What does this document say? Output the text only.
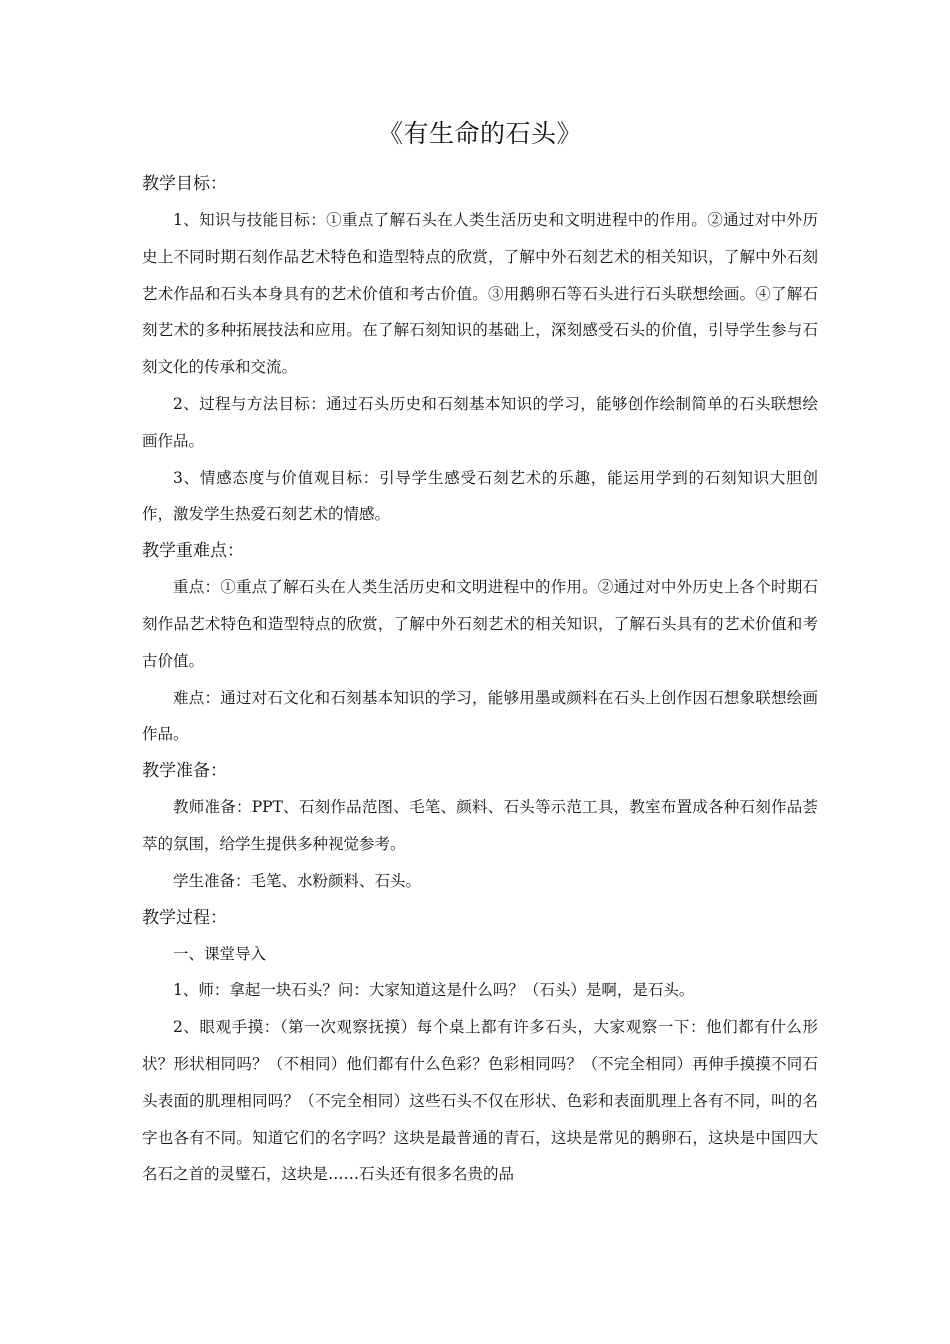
《有生命的石头》

教学目标：

1、知识与技能目标：①重点了解石头在人类生活历史和文明进程中的作用。②通过对中外历史上不同时期石刻作品艺术特色和造型特点的欣赏，了解中外石刻艺术的相关知识，了解中外石刻艺术作品和石头本身具有的艺术价值和考古价值。③用鹅卵石等石头进行石头联想绘画。④了解石刻艺术的多种拓展技法和应用。在了解石刻知识的基础上，深刻感受石头的价值，引导学生参与石刻文化的传承和交流。

2、过程与方法目标：通过石头历史和石刻基本知识的学习，能够创作绘制简单的石头联想绘画作品。

3、情感态度与价值观目标：引导学生感受石刻艺术的乐趣，能运用学到的石刻知识大胆创作，激发学生热爱石刻艺术的情感。

教学重难点：

重点：①重点了解石头在人类生活历史和文明进程中的作用。②通过对中外历史上各个时期石刻作品艺术特色和造型特点的欣赏，了解中外石刻艺术的相关知识，了解石头具有的艺术价值和考古价值。

难点：通过对石文化和石刻基本知识的学习，能够用墨或颜料在石头上创作因石想象联想绘画作品。

教学准备：

教师准备：PPT、石刻作品范图、毛笔、颜料、石头等示范工具，教室布置成各种石刻作品荟萃的氛围，给学生提供多种视觉参考。

学生准备：毛笔、水粉颜料、石头。

教学过程：

一、课堂导入

1、师：拿起一块石头？问：大家知道这是什么吗？（石头）是啊，是石头。

2、眼观手摸：（第一次观察抚摸）每个桌上都有许多石头，大家观察一下：他们都有什么形状？形状相同吗？（不相同）他们都有什么色彩？色彩相同吗？（不完全相同）再伸手摸摸不同石头表面的肌理相同吗？（不完全相同）这些石头不仅在形状、色彩和表面肌理上各有不同，叫的名字也各有不同。知道它们的名字吗？这块是最普通的青石，这块是常见的鹅卵石，这块是中国四大名石之首的灵璧石，这块是……石头还有很多名贵的品
